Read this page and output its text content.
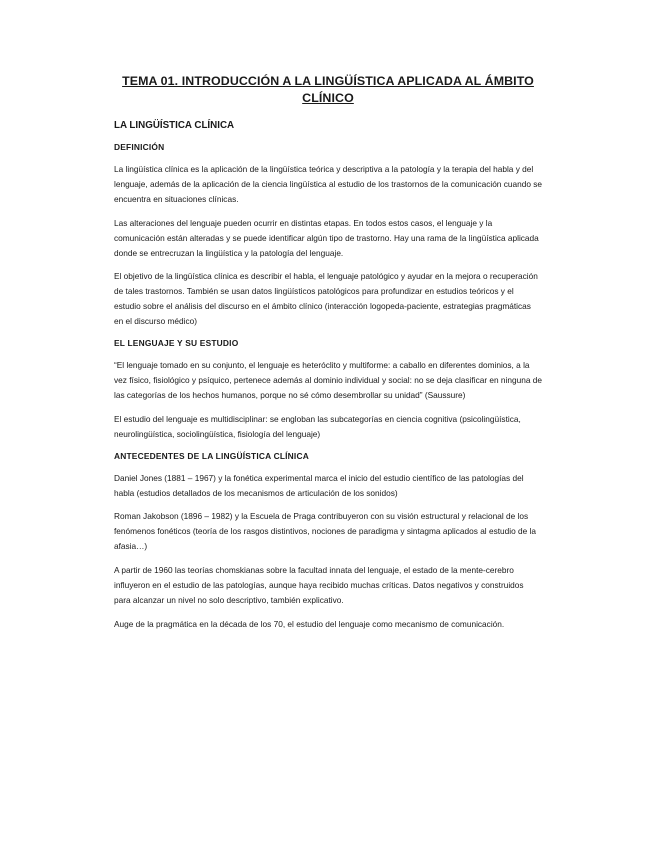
TEMA 01. INTRODUCCIÓN A LA LINGÜÍSTICA APLICADA AL ÁMBITO CLÍNICO
LA LINGÜÍSTICA CLÍNICA
DEFINICIÓN

La lingüística clínica es la aplicación de la lingüística teórica y descriptiva a la patología y la terapia del habla y del lenguaje, además de la aplicación de la ciencia lingüística al estudio de los trastornos de la comunicación cuando se encuentra en situaciones clínicas.

Las alteraciones del lenguaje pueden ocurrir en distintas etapas. En todos estos casos, el lenguaje y la comunicación están alteradas y se puede identificar algún tipo de trastorno. Hay una rama de la lingüística aplicada donde se entrecruzan la lingüística y la patología del lenguaje.

El objetivo de la lingüística clínica es describir el habla, el lenguaje patológico y ayudar en la mejora o recuperación de tales trastornos. También se usan datos lingüísticos patológicos para profundizar en estudios teóricos y el estudio sobre el análisis del discurso en el ámbito clínico (interacción logopeda-paciente, estrategias pragmáticas en el discurso médico)

EL LENGUAJE Y SU ESTUDIO

“El lenguaje tomado en su conjunto, el lenguaje es heteróclito y multiforme: a caballo en diferentes dominios, a la vez físico, fisiológico y psíquico, pertenece además al dominio individual y social: no se deja clasificar en ninguna de las categorías de los hechos humanos, porque no sé cómo desembrollar su unidad” (Saussure)

El estudio del lenguaje es multidisciplinar: se engloban las subcategorías en ciencia cognitiva (psicolingüística, neurolingüística, sociolingüística, fisiología del lenguaje)

ANTECEDENTES DE LA LINGÜÍSTICA CLÍNICA

Daniel Jones (1881 – 1967) y la fonética experimental marca el inicio del estudio científico de las patologías del habla (estudios detallados de los mecanismos de articulación de los sonidos)

Roman Jakobson (1896 – 1982) y la Escuela de Praga contribuyeron con su visión estructural y relacional de los fenómenos fonéticos (teoría de los rasgos distintivos, nociones de paradigma y sintagma aplicados al estudio de la afasia…)

A partir de 1960 las teorías chomskianas sobre la facultad innata del lenguaje, el estado de la mente-cerebro influyeron en el estudio de las patologías, aunque haya recibido muchas críticas. Datos negativos y construidos para alcanzar un nivel no solo descriptivo, también explicativo.

Auge de la pragmática en la década de los 70, el estudio del lenguaje como mecanismo de comunicación.
